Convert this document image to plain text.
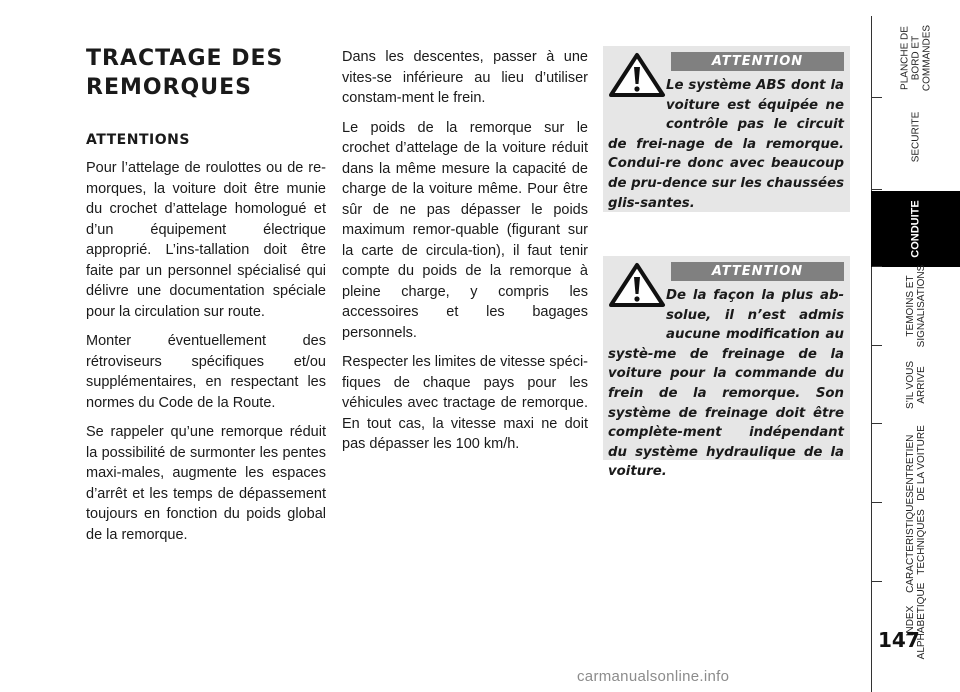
TRACTAGE DES
REMORQUES
ATTENTIONS

Pour l’attelage de roulottes ou de re-morques, la voiture doit être munie du crochet d’attelage homologué et d’un équipement électrique approprié. L’ins-tallation doit être faite par un personnel spécialisé qui délivre une documentation spéciale pour la circulation sur route.

Monter éventuellement des rétroviseurs spécifiques et/ou supplémentaires, en respectant les normes du Code de la Route.

Se rappeler qu’une remorque réduit la possibilité de surmonter les pentes maxi-males, augmente les espaces d’arrêt et les temps de dépassement toujours en fonction du poids global de la remorque.

Dans les descentes, passer à une vites-se inférieure au lieu d’utiliser constam-ment le frein.

Le poids de la remorque sur le crochet d’attelage de la voiture réduit dans la même mesure la capacité de charge de la voiture même. Pour être sûr de ne pas dépasser le poids maximum remor-quable (figurant sur la carte de circula-tion), il faut tenir compte du poids de la remorque à pleine charge, y compris les accessoires et les bagages personnels.

Respecter les limites de vitesse spéci-fiques de chaque pays pour les véhicules avec tractage de remorque. En tout cas, la vitesse maxi ne doit pas dépasser les 100 km/h.

ATTENTION
Le système ABS dont la voiture est équipée ne contrôle pas le circuit de frei-nage de la remorque. Condui-re donc avec beaucoup de pru-dence sur les chaussées glis-santes.
ATTENTION
De la façon la plus ab-solue, il n’est admis aucune modification au systè-me de freinage de la voiture pour la commande du frein de la remorque. Son système de freinage doit être complète-ment indépendant du système hydraulique de la voiture.
PLANCHE DE
BORD ET
COMMANDES
SECURITE
CONDUITE
TEMOINS ET
SIGNALISATIONS
S’IL VOUS
ARRIVE
ENTRETIEN
DE LA VOITURE
CARACTERISTIQUES
TECHNIQUES
INDEX
ALPHABETIQUE
147
carmanualsonline.info
